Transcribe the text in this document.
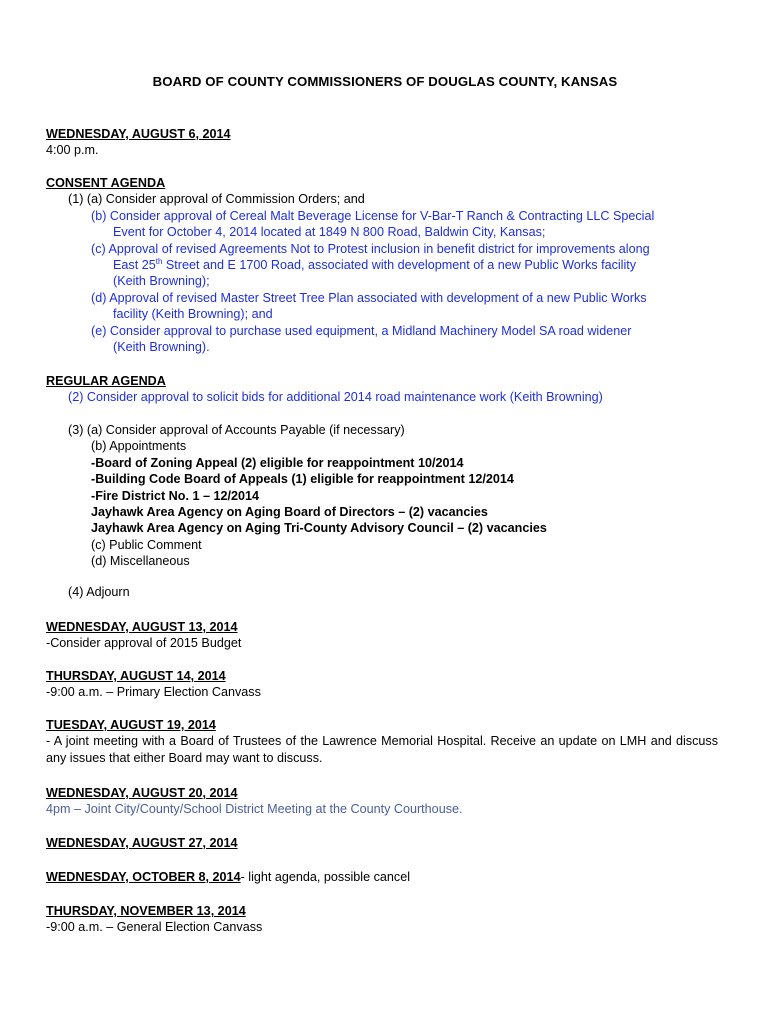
BOARD OF COUNTY COMMISSIONERS OF DOUGLAS COUNTY, KANSAS
WEDNESDAY, AUGUST 6, 2014
4:00 p.m.
CONSENT AGENDA
(1) (a) Consider approval of Commission Orders; and
(b) Consider approval of Cereal Malt Beverage License for V-Bar-T Ranch & Contracting LLC Special
Event for October 4, 2014 located at 1849 N 800 Road, Baldwin City, Kansas;
(c) Approval of revised Agreements Not to Protest inclusion in benefit district for improvements along
East 25th Street and E 1700 Road, associated with development of a new Public Works facility
(Keith Browning);
(d) Approval of revised Master Street Tree Plan associated with development of a new Public Works
facility (Keith Browning); and
(e) Consider approval to purchase used equipment, a Midland Machinery Model SA road widener
(Keith Browning).
REGULAR AGENDA
(2) Consider approval to solicit bids for additional 2014 road maintenance work (Keith Browning)
(3) (a) Consider approval of Accounts Payable (if necessary)
(b) Appointments
-Board of Zoning Appeal (2) eligible for reappointment 10/2014
-Building Code Board of Appeals (1) eligible for reappointment 12/2014
-Fire District No. 1 – 12/2014
Jayhawk Area Agency on Aging Board of Directors – (2) vacancies
Jayhawk Area Agency on Aging Tri-County Advisory Council – (2) vacancies
(c) Public Comment
(d) Miscellaneous
(4) Adjourn
WEDNESDAY, AUGUST 13, 2014
-Consider approval of 2015 Budget
THURSDAY, AUGUST 14, 2014
-9:00 a.m. – Primary Election Canvass
TUESDAY, AUGUST 19, 2014
- A joint meeting with a Board of Trustees of the Lawrence Memorial Hospital. Receive an update on LMH and discuss any issues that either Board may want to discuss.
WEDNESDAY, AUGUST 20, 2014
4pm – Joint City/County/School District Meeting at the County Courthouse.
WEDNESDAY, AUGUST 27, 2014
WEDNESDAY, OCTOBER 8, 2014- light agenda, possible cancel
THURSDAY, NOVEMBER 13, 2014
-9:00 a.m. – General Election Canvass
